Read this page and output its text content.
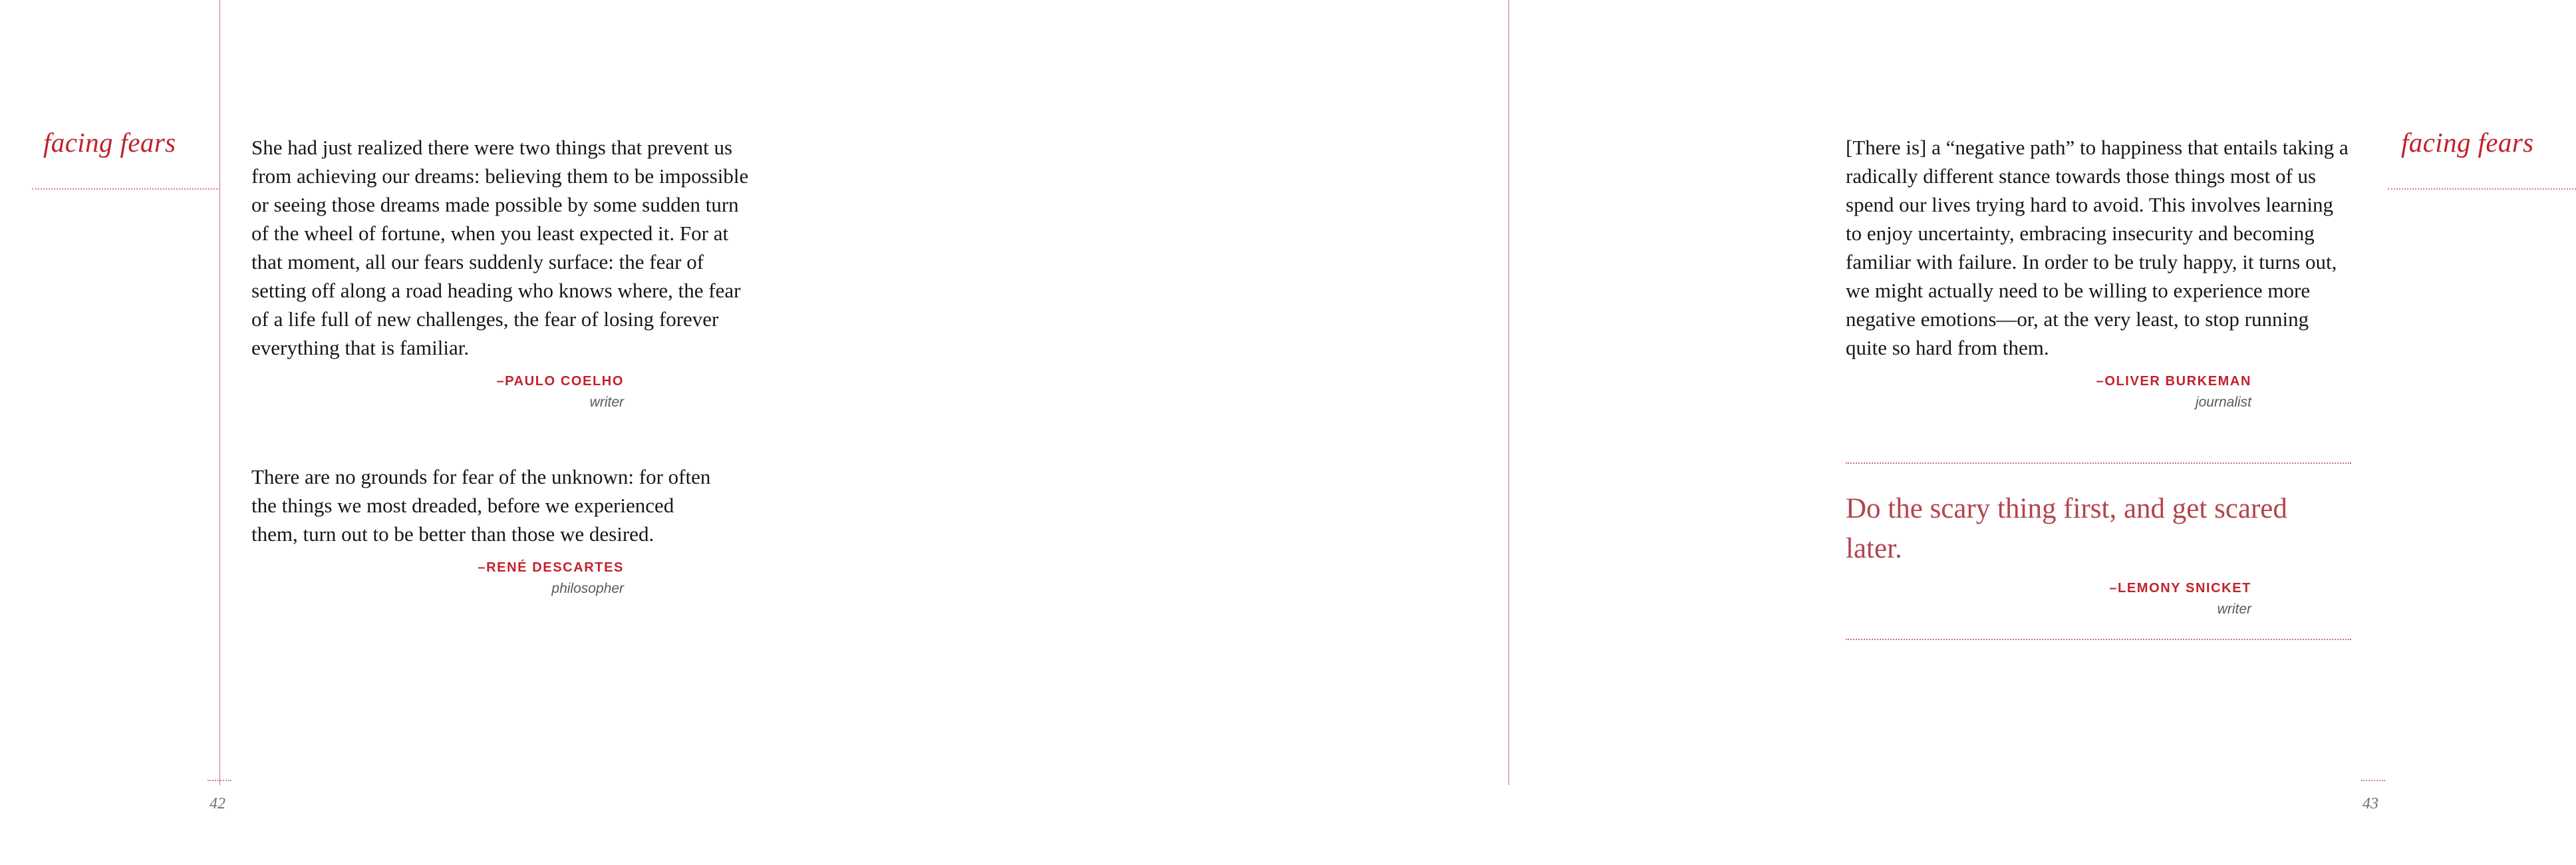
facing fears	She had just realized there were two things that prevent us from achieving our dreams: believing them to be impossible or seeing those dreams made possible by some sudden turn of the wheel of fortune, when you least expected it. For at that moment, all our fears suddenly surface: the fear of setting off along a road heading who knows where, the fear of a life full of new challenges, the fear of losing forever everything that is familiar.

–PAULO COELHO
writer

There are no grounds for fear of the unknown: for often the things we most dreaded, before we experienced them, turn out to be better than those we desired.

–RENÉ DESCARTES
philosopher
42
facing fears

[There is] a “negative path” to happiness that entails taking a radically different stance towards those things most of us spend our lives trying hard to avoid. This involves learning to enjoy uncertainty, embracing insecurity and becoming familiar with failure. In order to be truly happy, it turns out, we might actually need to be willing to experience more negative emotions—or, at the very least, to stop running quite so hard from them.

–OLIVER BURKEMAN
journalist

Do the scary thing first, and get scared later.

–LEMONY SNICKET
writer
43
